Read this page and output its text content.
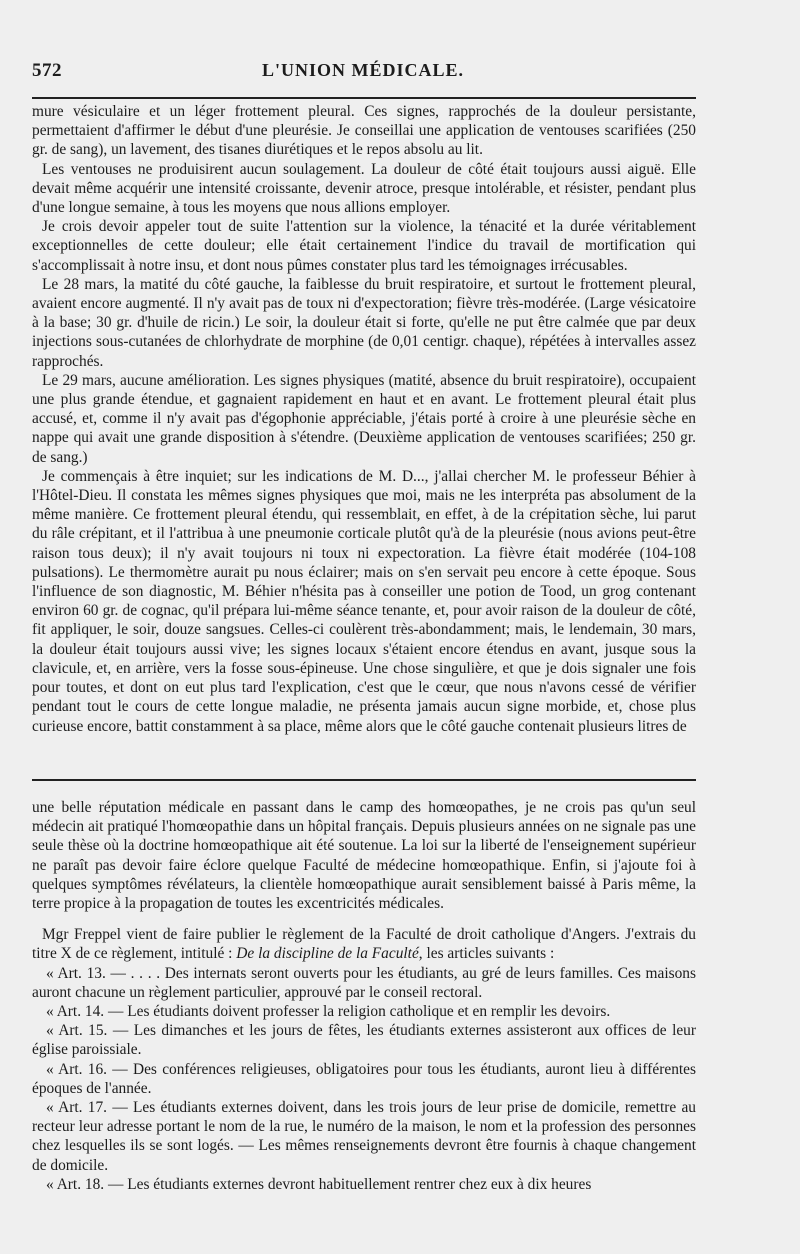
572	L'UNION MÉDICALE.

mure vésiculaire et un léger frottement pleural. Ces signes, rapprochés de la douleur persistante, permettaient d'affirmer le début d'une pleurésie. Je conseillai une application de ventouses scarifiées (250 gr. de sang), un lavement, des tisanes diurétiques et le repos absolu au lit.

Les ventouses ne produisirent aucun soulagement. La douleur de côté était toujours aussi aiguë. Elle devait même acquérir une intensité croissante, devenir atroce, presque intolérable, et résister, pendant plus d'une longue semaine, à tous les moyens que nous allions employer.

Je crois devoir appeler tout de suite l'attention sur la violence, la ténacité et la durée véritablement exceptionnelles de cette douleur; elle était certainement l'indice du travail de mortification qui s'accomplissait à notre insu, et dont nous pûmes constater plus tard les témoignages irrécusables.

Le 28 mars, la matité du côté gauche, la faiblesse du bruit respiratoire, et surtout le frottement pleural, avaient encore augmenté. Il n'y avait pas de toux ni d'expectoration; fièvre très-modérée. (Large vésicatoire à la base; 30 gr. d'huile de ricin.) Le soir, la douleur était si forte, qu'elle ne put être calmée que par deux injections sous-cutanées de chlorhydrate de morphine (de 0,01 centigr. chaque), répétées à intervalles assez rapprochés.

Le 29 mars, aucune amélioration. Les signes physiques (matité, absence du bruit respiratoire), occupaient une plus grande étendue, et gagnaient rapidement en haut et en avant. Le frottement pleural était plus accusé, et, comme il n'y avait pas d'égophonie appréciable, j'étais porté à croire à une pleurésie sèche en nappe qui avait une grande disposition à s'étendre. (Deuxième application de ventouses scarifiées; 250 gr. de sang.)

Je commençais à être inquiet; sur les indications de M. D..., j'allai chercher M. le professeur Béhier à l'Hôtel-Dieu. Il constata les mêmes signes physiques que moi, mais ne les interpréta pas absolument de la même manière. Ce frottement pleural étendu, qui ressemblait, en effet, à de la crépitation sèche, lui parut du râle crépitant, et il l'attribua à une pneumonie corticale plutôt qu'à de la pleurésie (nous avions peut-être raison tous deux); il n'y avait toujours ni toux ni expectoration. La fièvre était modérée (104-108 pulsations). Le thermomètre aurait pu nous éclairer; mais on s'en servait peu encore à cette époque. Sous l'influence de son diagnostic, M. Béhier n'hésita pas à conseiller une potion de Tood, un grog contenant environ 60 gr. de cognac, qu'il prépara lui-même séance tenante, et, pour avoir raison de la douleur de côté, fit appliquer, le soir, douze sangsues. Celles-ci coulèrent très-abondamment; mais, le lendemain, 30 mars, la douleur était toujours aussi vive; les signes locaux s'étaient encore étendus en avant, jusque sous la clavicule, et, en arrière, vers la fosse sous-épineuse. Une chose singulière, et que je dois signaler une fois pour toutes, et dont on eut plus tard l'explication, c'est que le cœur, que nous n'avons cessé de vérifier pendant tout le cours de cette longue maladie, ne présenta jamais aucun signe morbide, et, chose plus curieuse encore, battit constamment à sa place, même alors que le côté gauche contenait plusieurs litres de

une belle réputation médicale en passant dans le camp des homœopathes, je ne crois pas qu'un seul médecin ait pratiqué l'homœopathie dans un hôpital français. Depuis plusieurs années on ne signale pas une seule thèse où la doctrine homœopathique ait été soutenue. La loi sur la liberté de l'enseignement supérieur ne paraît pas devoir faire éclore quelque Faculté de médecine homœopathique. Enfin, si j'ajoute foi à quelques symptômes révélateurs, la clientèle homœopathique aurait sensiblement baissé à Paris même, la terre propice à la propagation de toutes les excentricités médicales.

Mgr Freppel vient de faire publier le règlement de la Faculté de droit catholique d'Angers. J'extrais du titre X de ce règlement, intitulé : De la discipline de la Faculté, les articles suivants :

« Art. 13. — . . . . Des internats seront ouverts pour les étudiants, au gré de leurs familles. Ces maisons auront chacune un règlement particulier, approuvé par le conseil rectoral.

« Art. 14. — Les étudiants doivent professer la religion catholique et en remplir les devoirs.

« Art. 15. — Les dimanches et les jours de fêtes, les étudiants externes assisteront aux offices de leur église paroissiale.

« Art. 16. — Des conférences religieuses, obligatoires pour tous les étudiants, auront lieu à différentes époques de l'année.

« Art. 17. — Les étudiants externes doivent, dans les trois jours de leur prise de domicile, remettre au recteur leur adresse portant le nom de la rue, le numéro de la maison, le nom et la profession des personnes chez lesquelles ils se sont logés. — Les mêmes renseignements devront être fournis à chaque changement de domicile.

« Art. 18. — Les étudiants externes devront habituellement rentrer chez eux à dix heures
